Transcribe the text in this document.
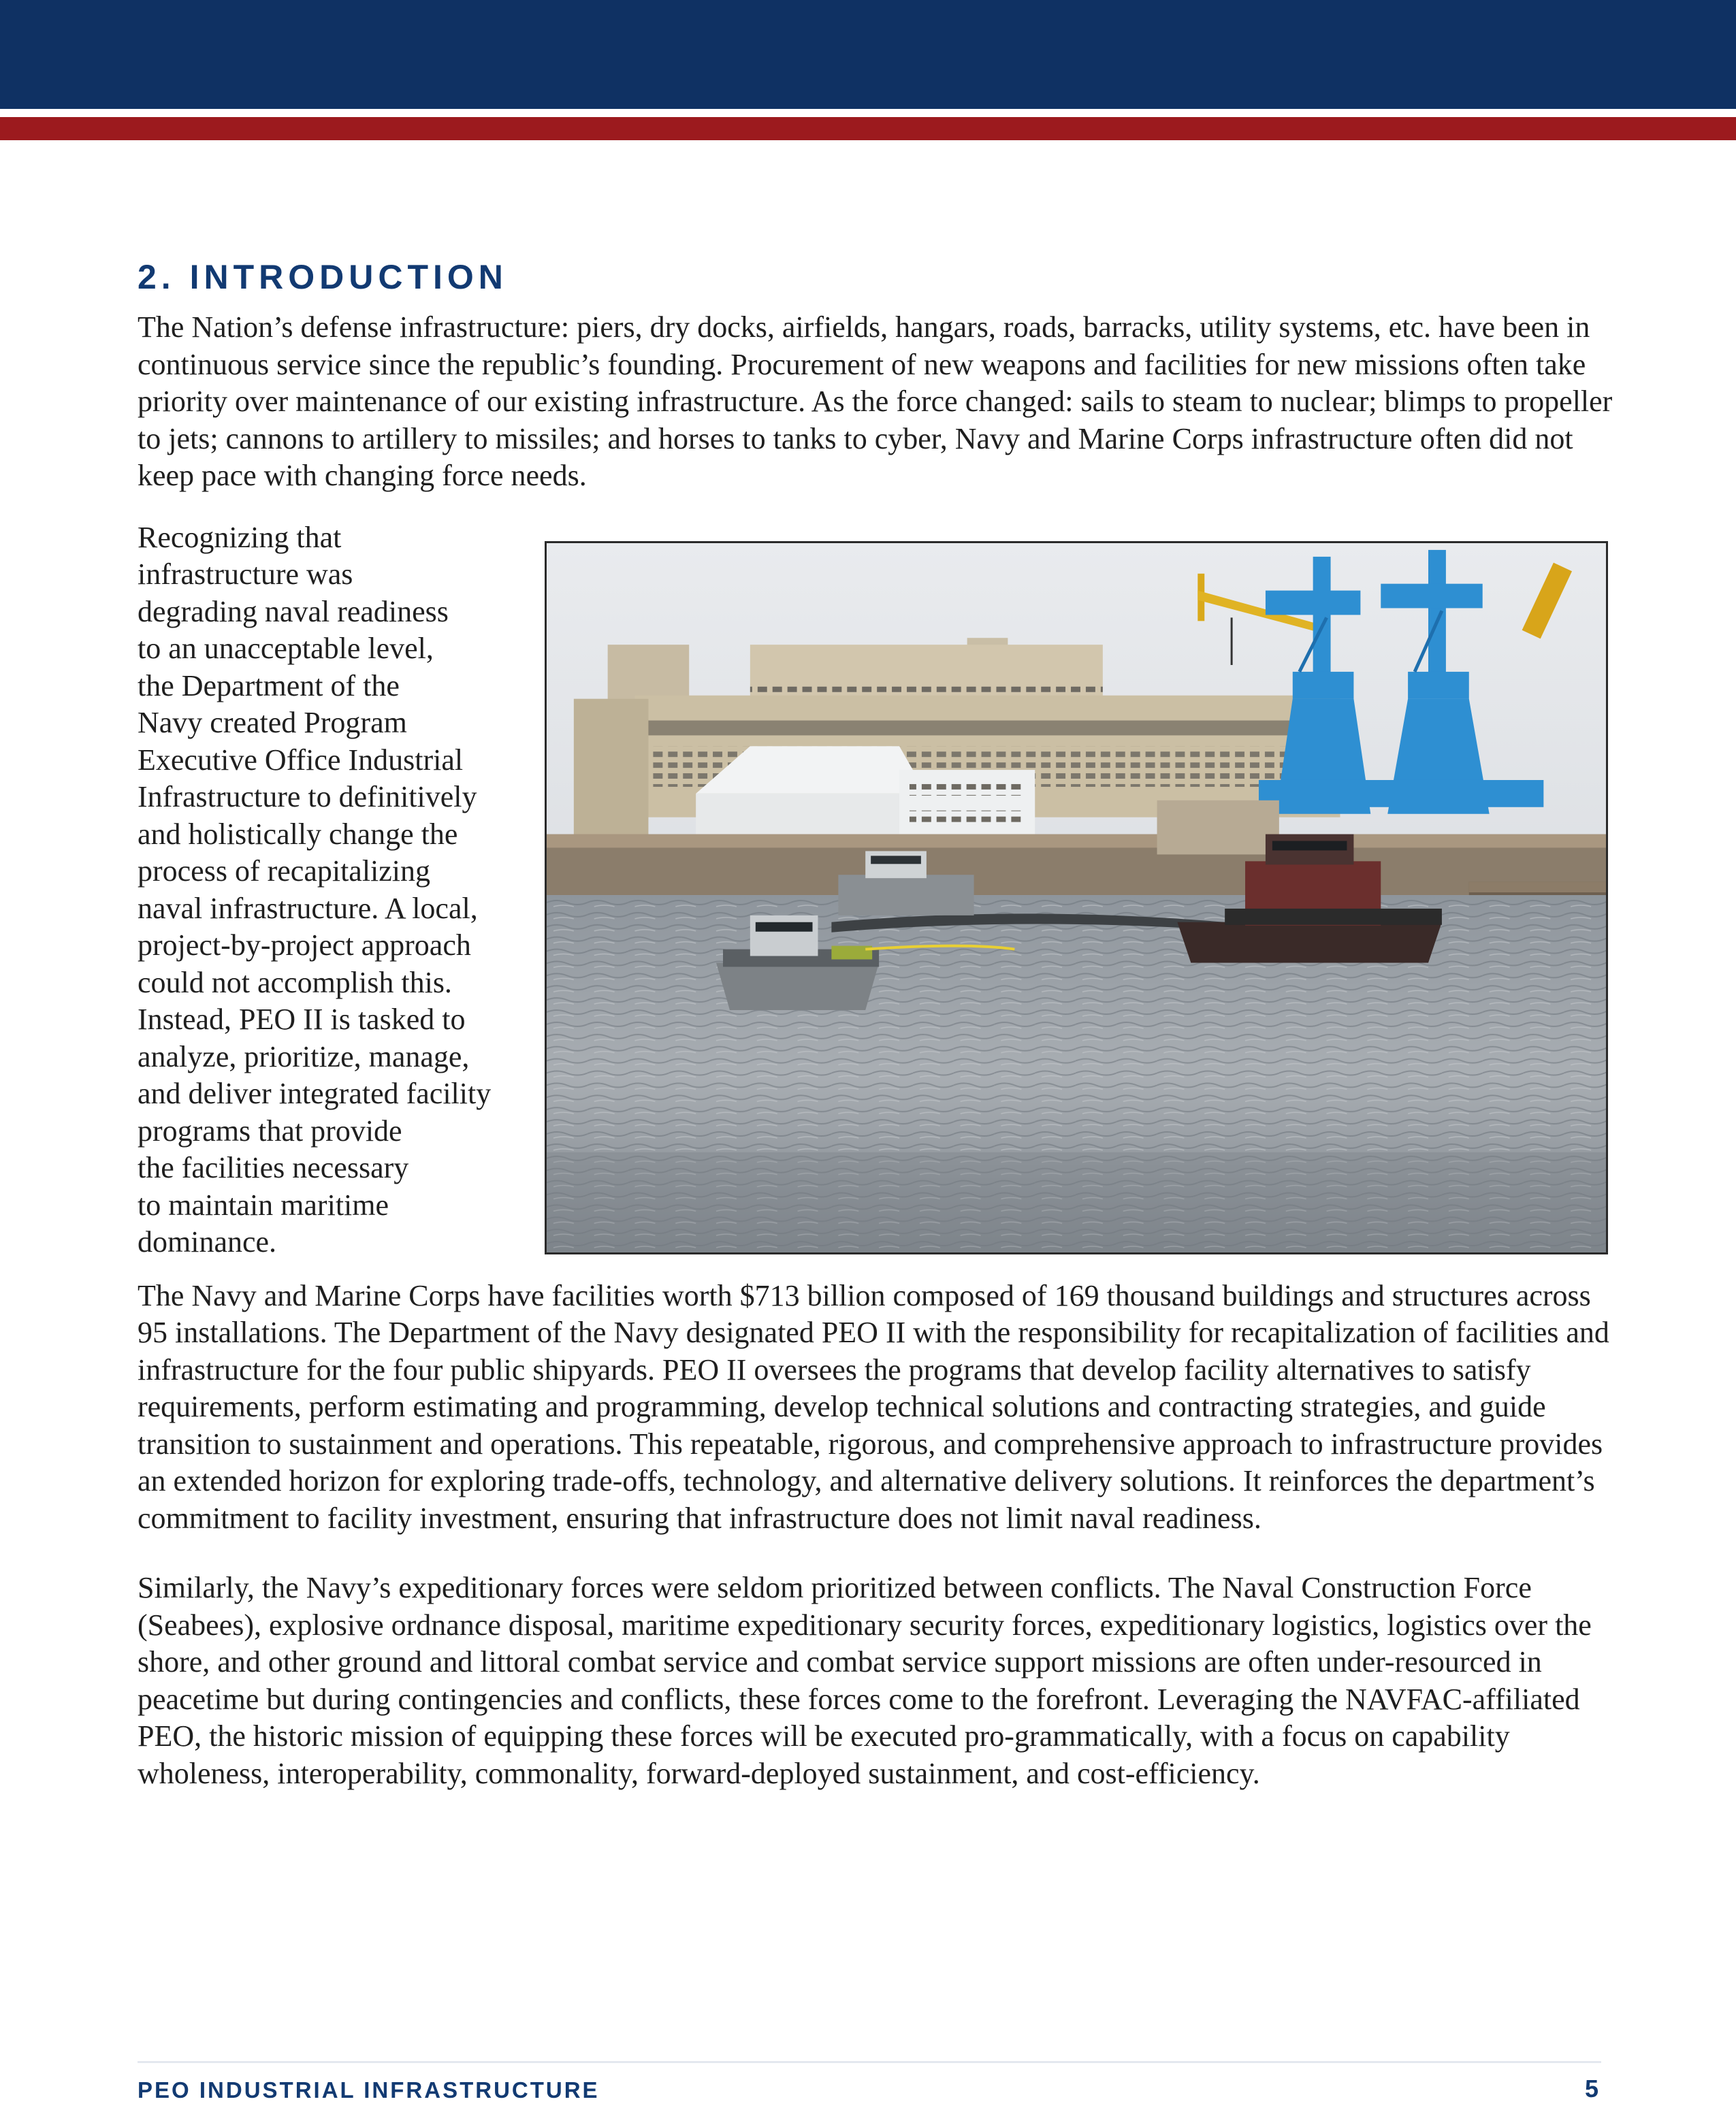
2. INTRODUCTION

The Nation’s defense infrastructure: piers, dry docks, airfields, hangars, roads, barracks, utility systems, etc. have been in continuous service since the republic’s founding. Procurement of new weapons and facilities for new missions often take priority over maintenance of our existing infrastructure. As the force changed: sails to steam to nuclear; blimps to propeller to jets; cannons to artillery to missiles; and horses to tanks to cyber, Navy and Marine Corps infrastructure often did not keep pace with changing force needs.

Recognizing that
infrastructure was
degrading naval readiness
to an unacceptable level,
the Department of the
Navy created Program
Executive Office Industrial
Infrastructure to definitively
and holistically change the
process of recapitalizing
naval infrastructure. A local,
project-by-project approach
could not accomplish this.
Instead, PEO II is tasked to
analyze, prioritize, manage,
and deliver integrated facility
programs that provide
the facilities necessary
to maintain maritime
dominance.

The Navy and Marine Corps have facilities worth $713 billion composed of 169 thousand buildings and structures across 95 installations. The Department of the Navy designated PEO II with the responsibility for recapitalization of facilities and infrastructure for the four public shipyards. PEO II oversees the programs that develop facility alternatives to satisfy requirements, perform estimating and programming, develop technical solutions and contracting strategies, and guide transition to sustainment and operations. This repeatable, rigorous, and comprehensive approach to infrastructure provides an extended horizon for exploring trade-offs, technology, and alternative delivery solutions. It reinforces the department’s commitment to facility investment, ensuring that infrastructure does not limit naval readiness.

Similarly, the Navy’s expeditionary forces were seldom prioritized between conflicts. The Naval Construction Force (Seabees), explosive ordnance disposal, maritime expeditionary security forces, expeditionary logistics, logistics over the shore, and other ground and littoral combat service and combat service support missions are often under-resourced in peacetime but during contingencies and conflicts, these forces come to the forefront. Leveraging the NAVFAC-affiliated PEO, the historic mission of equipping these forces will be executed pro-grammatically, with a focus on capability wholeness, interoperability, commonality, forward-deployed sustainment, and cost-efficiency.

PEO INDUSTRIAL INFRASTRUCTURE	5
